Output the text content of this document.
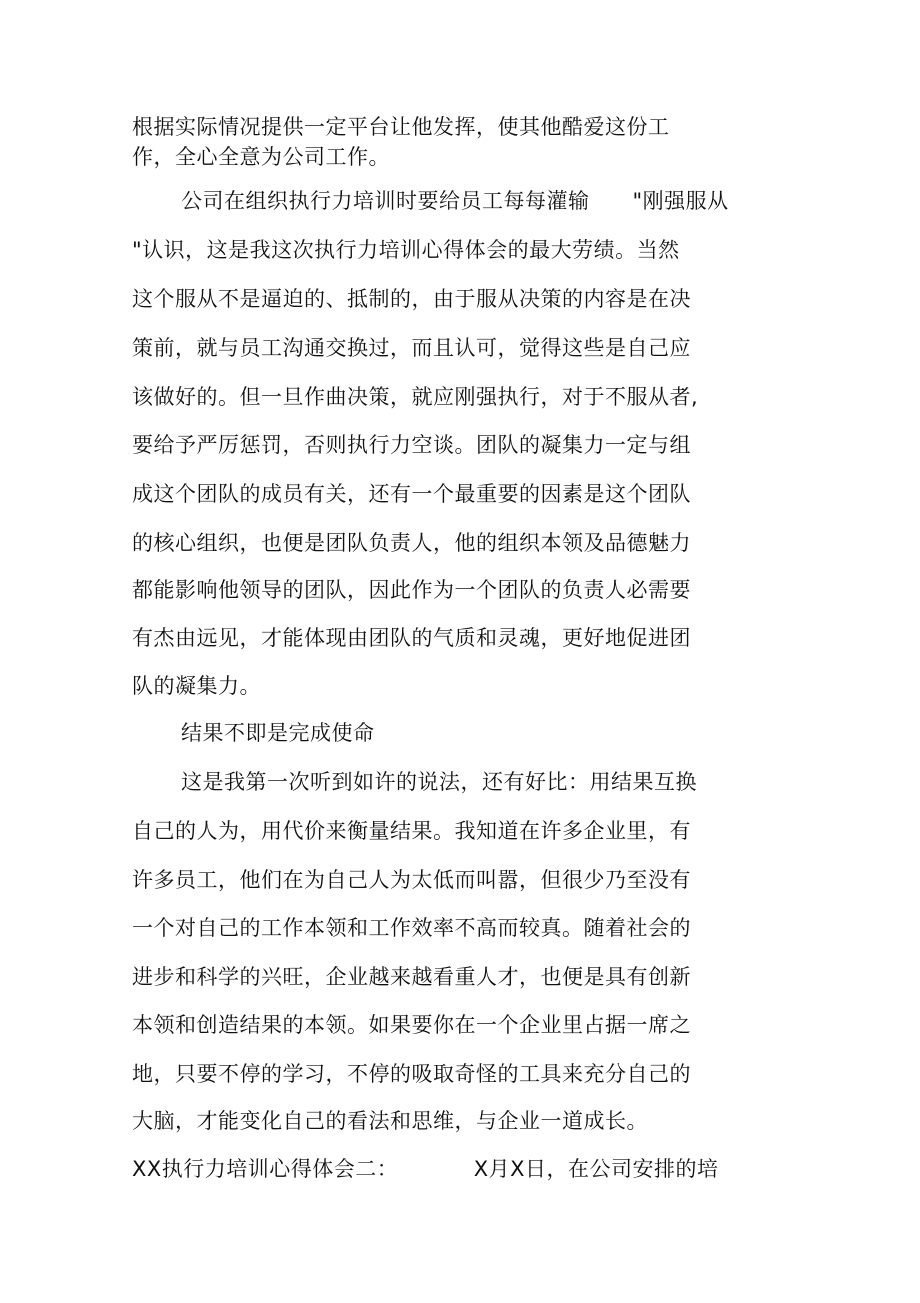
根据实际情况提供一定平台让他发挥，使其他酷爱这份工
作，全心全意为公司工作。
公司在组织执行力培训时要给员工每每灌输　　"刚强服从
"认识，这是我这次执行力培训心得体会的最大劳绩。当然
这个服从不是逼迫的、抵制的，由于服从决策的内容是在决
策前，就与员工沟通交换过，而且认可，觉得这些是自己应
该做好的。但一旦作曲决策，就应刚强执行，对于不服从者,
要给予严厉惩罚，否则执行力空谈。团队的凝集力一定与组
成这个团队的成员有关，还有一个最重要的因素是这个团队
的核心组织，也便是团队负责人，他的组织本领及品德魅力
都能影响他领导的团队，因此作为一个团队的负责人必需要
有杰由远见，才能体现由团队的气质和灵魂，更好地促进团
队的凝集力。
结果不即是完成使命
这是我第一次听到如许的说法，还有好比：用结果互换
自己的人为，用代价来衡量结果。我知道在许多企业里，有
许多员工，他们在为自己人为太低而叫嚣，但很少乃至没有
一个对自己的工作本领和工作效率不高而较真。随着社会的
进步和科学的兴旺，企业越来越看重人才，也便是具有创新
本领和创造结果的本领。如果要你在一个企业里占据一席之
地，只要不停的学习，不停的吸取奇怪的工具来充分自己的
大脑，才能变化自己的看法和思维，与企业一道成长。
XX执行力培训心得体会二：　　　　X月X日，在公司安排的培
